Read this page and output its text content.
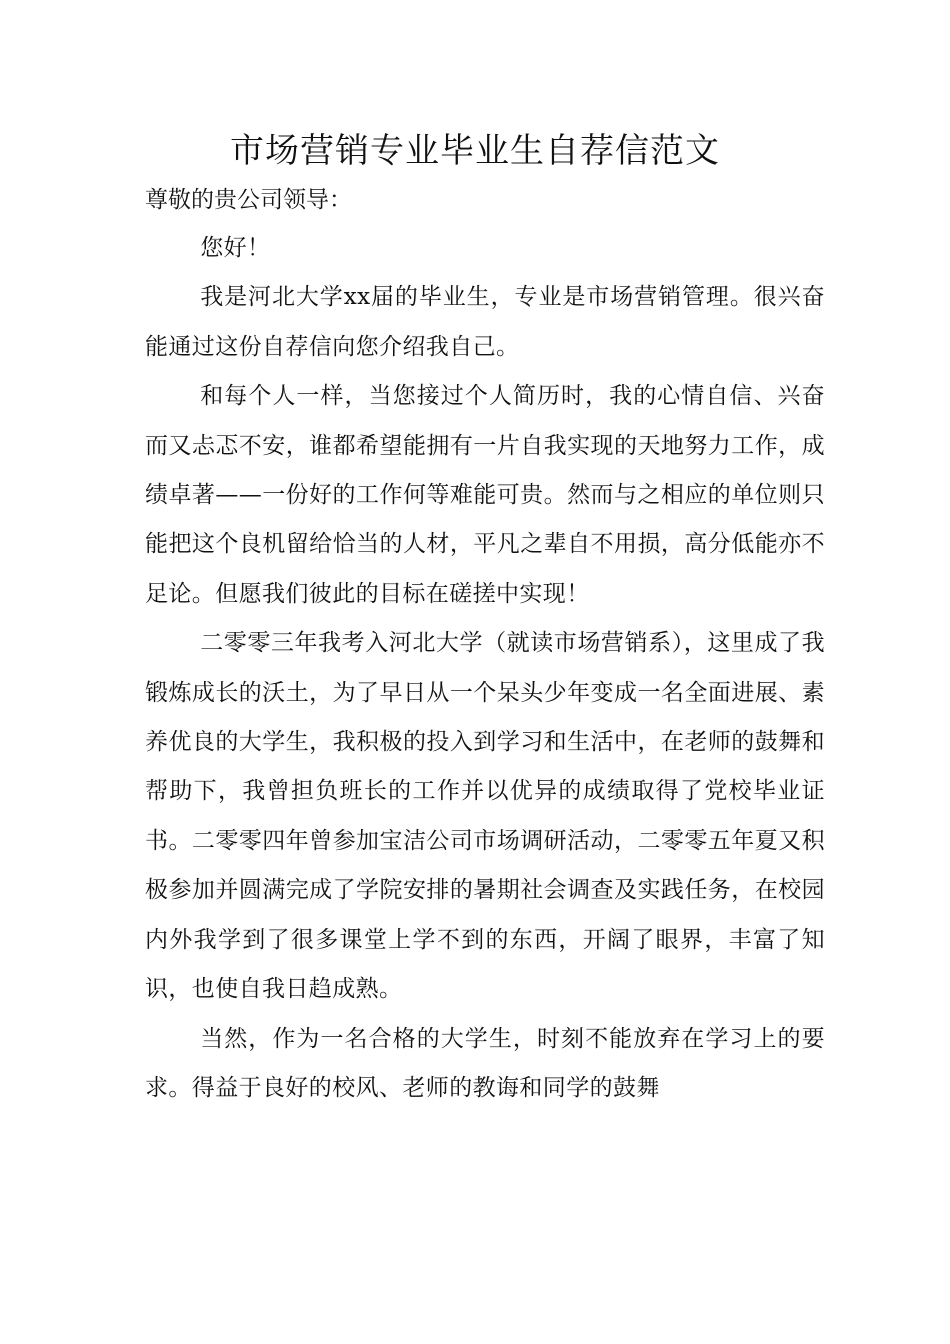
市场营销专业毕业生自荐信范文
尊敬的贵公司领导：

您好！

我是河北大学xx届的毕业生，专业是市场营销管理。很兴奋能通过这份自荐信向您介绍我自己。

和每个人一样，当您接过个人简历时，我的心情自信、兴奋而又忐忑不安，谁都希望能拥有一片自我实现的天地努力工作，成绩卓著——一份好的工作何等难能可贵。然而与之相应的单位则只能把这个良机留给恰当的人材，平凡之辈自不用损，高分低能亦不足论。但愿我们彼此的目标在磋搓中实现！

二零零三年我考入河北大学（就读市场营销系），这里成了我锻炼成长的沃土，为了早日从一个呆头少年变成一名全面进展、素养优良的大学生，我积极的投入到学习和生活中，在老师的鼓舞和帮助下，我曾担负班长的工作并以优异的成绩取得了党校毕业证书。二零零四年曾参加宝洁公司市场调研活动，二零零五年夏又积极参加并圆满完成了学院安排的暑期社会调查及实践任务，在校园内外我学到了很多课堂上学不到的东西，开阔了眼界，丰富了知识，也使自我日趋成熟。

当然，作为一名合格的大学生，时刻不能放弃在学习上的要求。得益于良好的校风、老师的教诲和同学的鼓舞
